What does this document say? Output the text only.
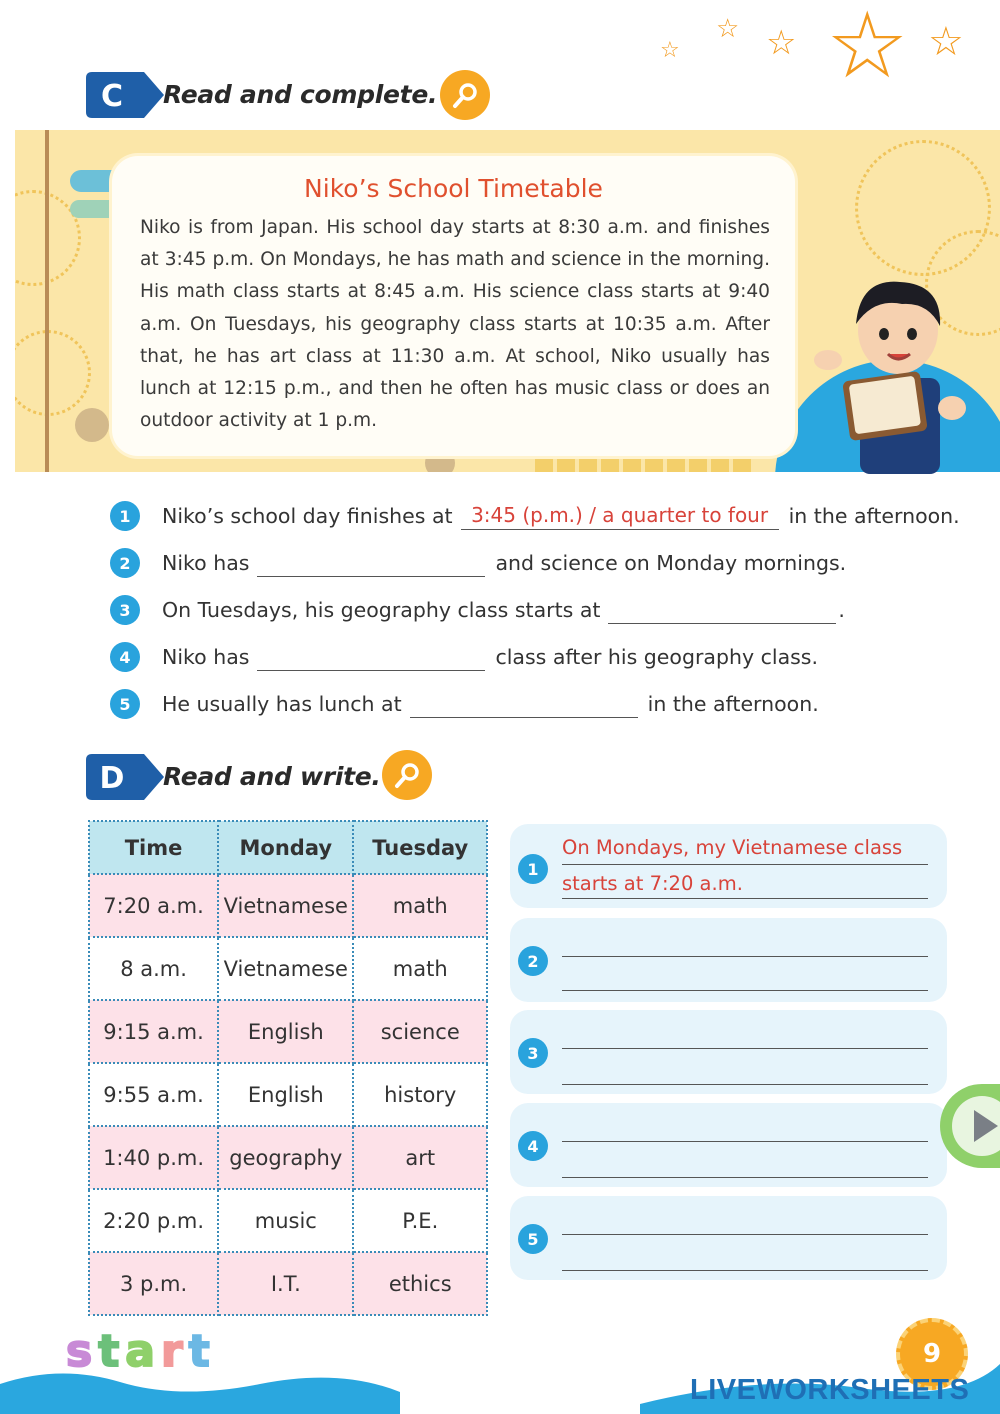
☆
☆ ☆ ☆ ☆
C Read and complete.
Niko’s School Timetable
Niko is from Japan. His school day starts at 8:30 a.m. and finishes at 3:45 p.m. On Mondays, he has math and science in the morning. His math class starts at 8:45 a.m. His science class starts at 9:40 a.m. On Tuesdays, his geography class starts at 10:35 a.m. After that, he has art class at 11:30 a.m. At school, Niko usually has lunch at 12:15 p.m., and then he often has music class or does an outdoor activity at 1 p.m.
1	Niko’s school day finishes at 3:45 (p.m.) / a quarter to four in the afternoon.
2	Niko has	and science on Monday mornings.
3	On Tuesdays, his geography class starts at	.
4	Niko has	class after his geography class.
5	He usually has lunch at	in the afternoon.
D Read and write.
Time	Monday	Tuesday
7:20 a.m.	Vietnamese	math
8 a.m.	Vietnamese	math
9:15 a.m.	English	science
9:55 a.m.	English	history
1:40 p.m.	geography	art
2:20 p.m.	music	P.E.
3 p.m.	I.T.	ethics
1
On Mondays, my Vietnamese class
starts at 7:20 a.m.
2
3
4
5
s t a r t	9
LIVEWORKSHEETS
